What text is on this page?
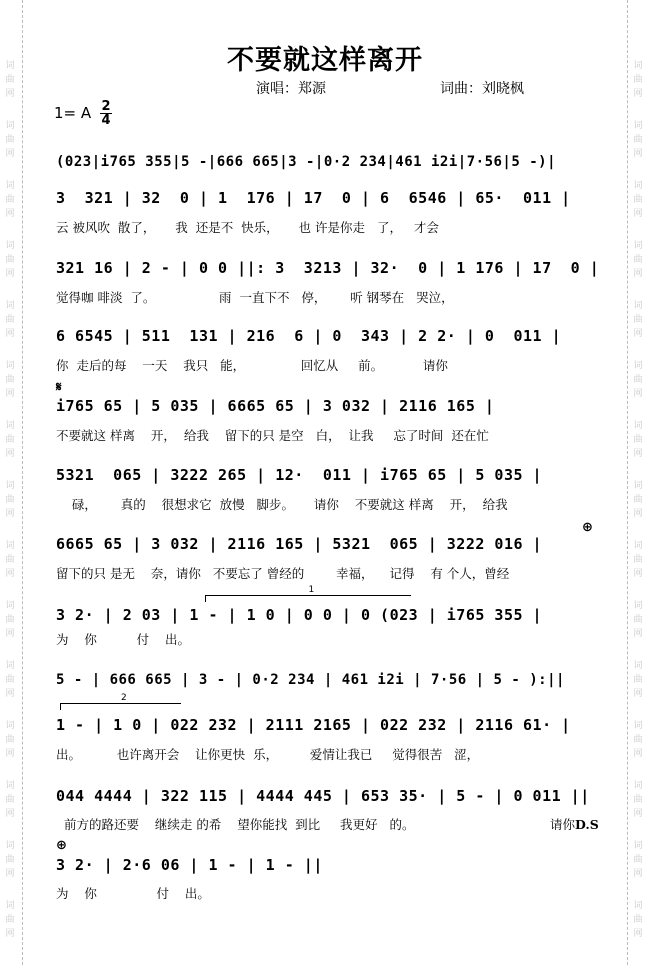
词
曲
网
词
曲
网
词
曲
网
词
曲
网
词
曲
网
词
曲
网
词
曲
网
词
曲
网
词
曲
网
词
曲
网
词
曲
网
词
曲
网
词
曲
网
词
曲
网
词
曲
网
词
曲
网
词
曲
网
词
曲
网
词
曲
网
词
曲
网
词
曲
网
词
曲
网
词
曲
网
词
曲
网
词
曲
网
词
曲
网
词
曲
网
词
曲
网
词
曲
网
词
曲
网
不要就这样离开
演唱：郑源	词曲：刘晓枫
1= A $\frac{2}{4}$
(023|i765 355|5 -|666 665|3 -|0·2 234|461 i2i|7·56|5 -)|
3  321 | 32  0 | 1  176 | 17  0 | 6  6546 | 65·  011 |
云 被风吹  散了，     我  还是不  快乐，     也 许是你走   了，   才会
321 16 | 2 - | 0 0 ||: 3  3213 | 32·  0 | 1 176 | 17  0 |
觉得咖 啡淡  了。                雨  一直下不   停，      听 钢琴在   哭泣，
6 6545 | 511  131 | 216  6 | 0  343 | 2 2· | 0  011 |
你  走后的每    一天    我只   能，              回忆从     前。          请你
𝄋
i765 65 | 5 035 | 6665 65 | 3 032 | 2116 165 |
不要就这 样离    开，  给我    留下的只 是空   白，  让我     忘了时间  还在忙
5321  065 | 3222 265 | 12·  011 | i765 65 | 5 035 |
碌，      真的    很想求它  放慢   脚步。     请你    不要就这 样离    开，  给我
⊕
6665 65 | 3 032 | 2116 165 | 5321  065 | 3222 016 |
留下的只 是无    奈，请你   不要忘了 曾经的        幸福，    记得    有 个人，曾经
1
3 2· | 2 03 | 1 - | 1 0 | 0 0 | 0 (023 | i765 355 |
为    你          付    出。
5 - | 666 665 | 3 - | 0·2 234 | 461 i2i | 7·56 | 5 - ):||
2
1 - | 1 0 | 022 232 | 2111 2165 | 022 232 | 2116 61· |
出。         也许离开会    让你更快  乐，        爱情让我已     觉得很苦   涩，
044 4444 | 322 115 | 4444 445 | 653 35· | 5 - | 0 011 ||
前方的路还要    继续走 的希    望你能找  到比     我更好   的。	请你D.S
⊕
3 2· | 2·6 06 | 1 - | 1 - ||
为    你               付    出。
